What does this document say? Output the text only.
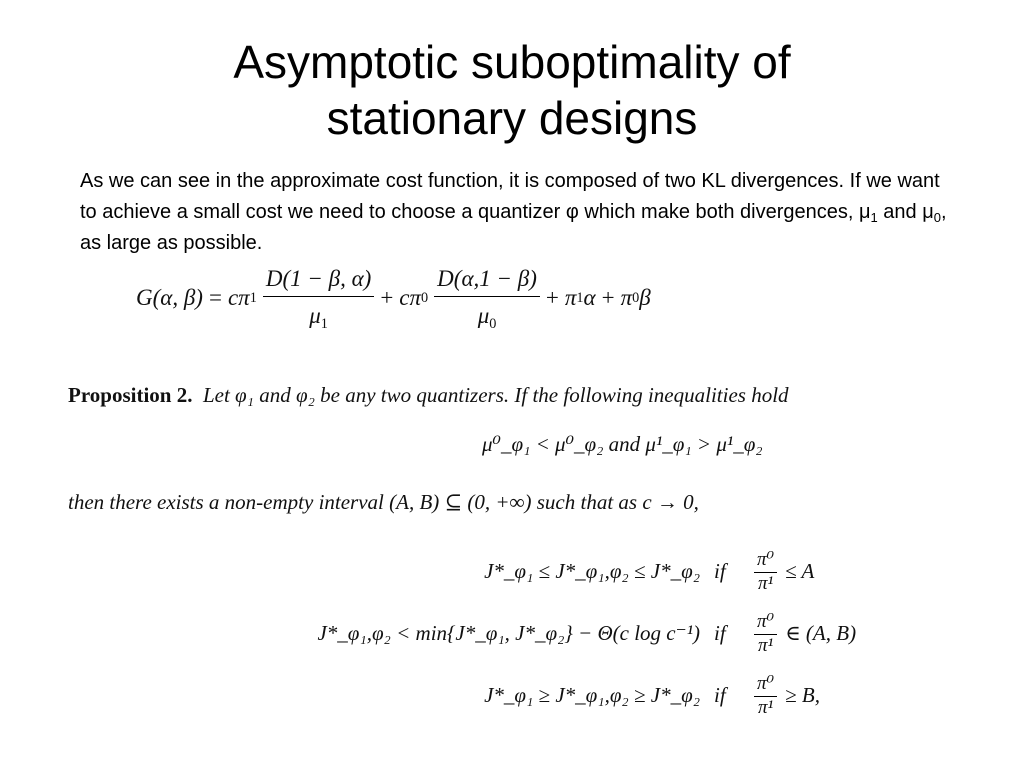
Asymptotic suboptimality of
stationary designs

As we can see in the approximate cost function, it is composed of two KL divergences. If we want to achieve a small cost we need to choose a quantizer φ which make both divergences, $\mu_1$ and $\mu_0$, as large as possible.

G(α, β) = c π $1 \frac{D(1 - \beta, \alpha)}{\mu_1} + c$ π $0 \frac{D(\alpha,1 - \beta)}{\mu_0} + \pi$ 1 α + π 0 β

Proposition 2. Let φ₁ and φ₂ be any two quantizers. If the following inequalities hold

μ⁰_φ₁ < μ⁰_φ₂ and μ¹_φ₁ > μ¹_φ₂

then there exists a non-empty interval (A, B) ⊆ (0, +∞) such that as c → 0,

J*_φ₁ ≤ J*_φ₁,φ₂ ≤ J*_φ₂ if	$\frac{\text{π⁰}}{\text{π¹}} \le A$
J*_φ₁,φ₂ < min{J*_φ₁, J*_φ₂} − Θ(c log c⁻¹) if	$\frac{\text{π⁰}}{\text{π¹}}$ ∈ (A, B)
J*_φ₁ ≥ J*_φ₁,φ₂ ≥ J*_φ₂ if	$\frac{\text{π⁰}}{\text{π¹}} \ge B$,
